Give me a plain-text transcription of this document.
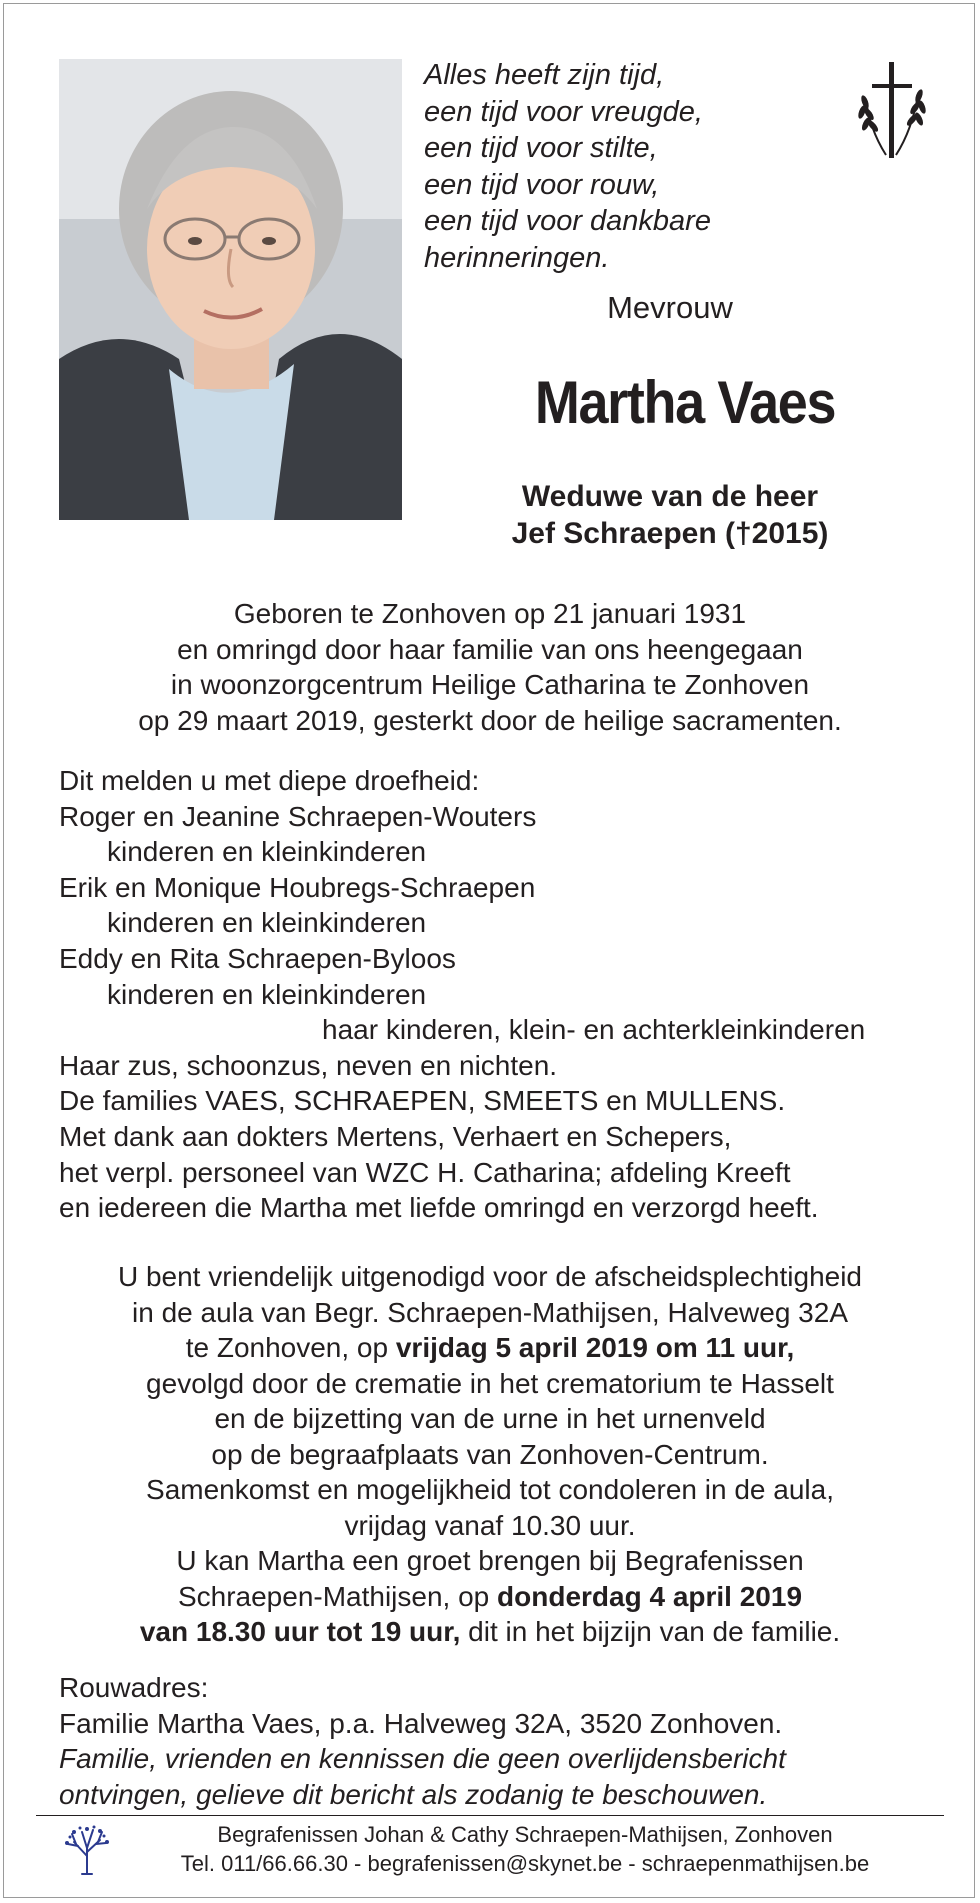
Alles heeft zijn tijd,
een tijd voor vreugde,
een tijd voor stilte,
een tijd voor rouw,
een tijd voor dankbare
herinneringen.
Mevrouw
Martha Vaes
Weduwe van de heer
Jef Schraepen (†2015)
Geboren te Zonhoven op 21 januari 1931
en omringd door haar familie van ons heengegaan
in woonzorgcentrum Heilige Catharina te Zonhoven
op 29 maart 2019, gesterkt door de heilige sacramenten.
Dit melden u met diepe droefheid:
Roger en Jeanine Schraepen-Wouters
kinderen en kleinkinderen
Erik en Monique Houbregs-Schraepen
kinderen en kleinkinderen
Eddy en Rita Schraepen-Byloos
kinderen en kleinkinderen
haar kinderen, klein- en achterkleinkinderen
Haar zus, schoonzus, neven en nichten.
De families VAES, SCHRAEPEN, SMEETS en MULLENS.
Met dank aan dokters Mertens, Verhaert en Schepers,
het verpl. personeel van WZC H. Catharina; afdeling Kreeft
en iedereen die Martha met liefde omringd en verzorgd heeft.
U bent vriendelijk uitgenodigd voor de afscheidsplechtigheid
in de aula van Begr. Schraepen-Mathijsen, Halveweg 32A
te Zonhoven, op vrijdag 5 april 2019 om 11 uur,
gevolgd door de crematie in het crematorium te Hasselt
en de bijzetting van de urne in het urnenveld
op de begraafplaats van Zonhoven-Centrum.
Samenkomst en mogelijkheid tot condoleren in de aula,
vrijdag vanaf 10.30 uur.
U kan Martha een groet brengen bij Begrafenissen
Schraepen-Mathijsen, op donderdag 4 april 2019
van 18.30 uur tot 19 uur, dit in het bijzijn van de familie.
Rouwadres:
Familie Martha Vaes, p.a. Halveweg 32A, 3520 Zonhoven.
Familie, vrienden en kennissen die geen overlijdensbericht
ontvingen, gelieve dit bericht als zodanig te beschouwen.
Begrafenissen Johan & Cathy Schraepen-Mathijsen, Zonhoven
Tel. 011/66.66.30 - begrafenissen@skynet.be - schraepenmathijsen.be
